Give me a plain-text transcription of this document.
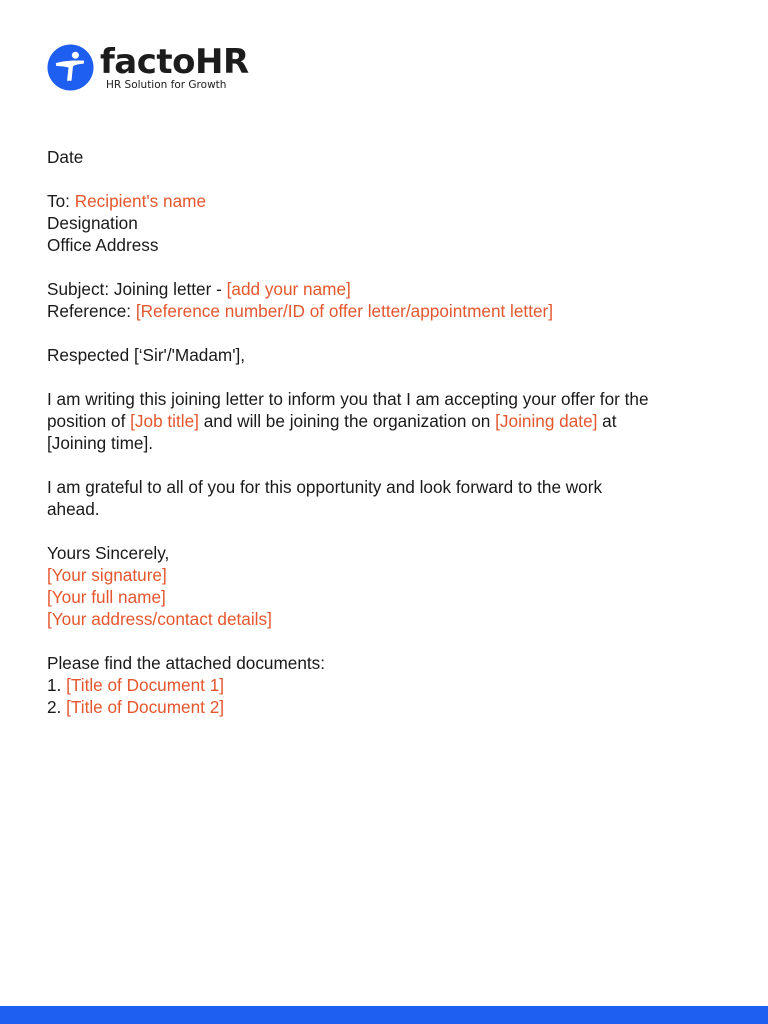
factoHR
HR Solution for Growth
Date
To: Recipient's name
Designation
Office Address
Subject: Joining letter - [add your name]
Reference: [Reference number/ID of offer letter/appointment letter]
Respected [‘Sir'/'Madam'],
I am writing this joining letter to inform you that I am accepting your offer for the
position of [Job title] and will be joining the organization on [Joining date] at
[Joining time].
I am grateful to all of you for this opportunity and look forward to the work
ahead.
Yours Sincerely,
[Your signature]
[Your full name]
[Your address/contact details]
Please find the attached documents:
1. [Title of Document 1]
2. [Title of Document 2]
